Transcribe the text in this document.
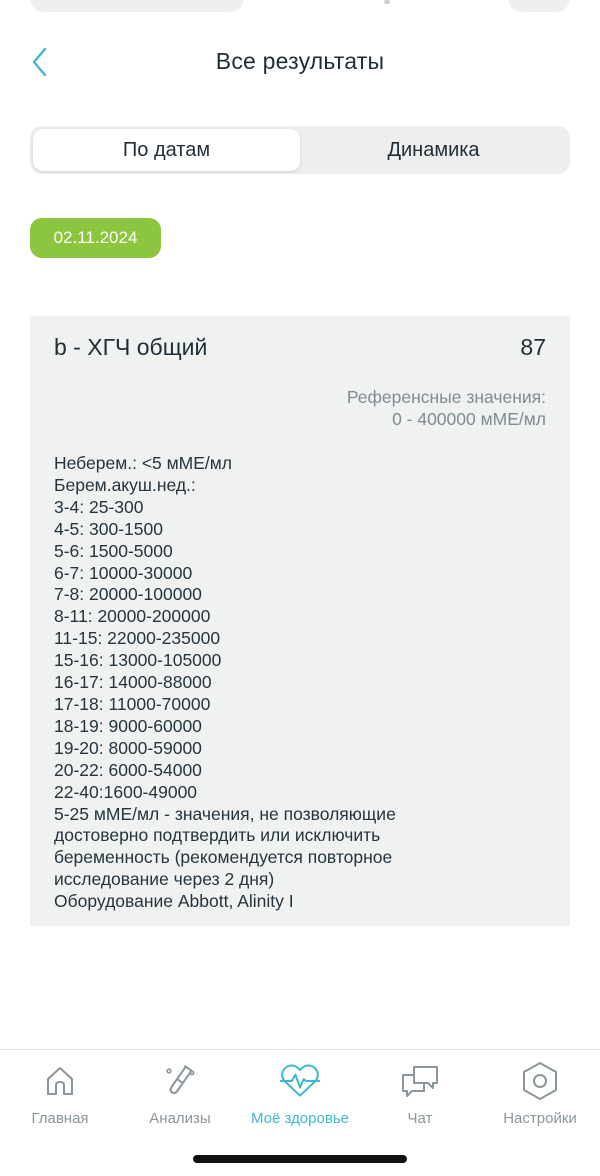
Все результаты
По датам	Динамика
02.11.2024
b - ХГЧ общий	87
Референсные значения:
0 - 400000 мМЕ/мл
Неберем.: <5 мМЕ/мл
Берем.акуш.нед.:
3-4: 25-300
4-5: 300-1500
5-6: 1500-5000
6-7: 10000-30000
7-8: 20000-100000
8-11: 20000-200000
11-15: 22000-235000
15-16: 13000-105000
16-17: 14000-88000
17-18: 11000-70000
18-19: 9000-60000
19-20: 8000-59000
20-22: 6000-54000
22-40:1600-49000
5-25 мМЕ/мл - значения, не позволяющие
достоверно подтвердить или исключить
беременность (рекомендуется повторное
исследование через 2 дня)
Оборудование Abbott, Alinity I
Главная	Анализы	Моё здоровье	Чат	Настройки
